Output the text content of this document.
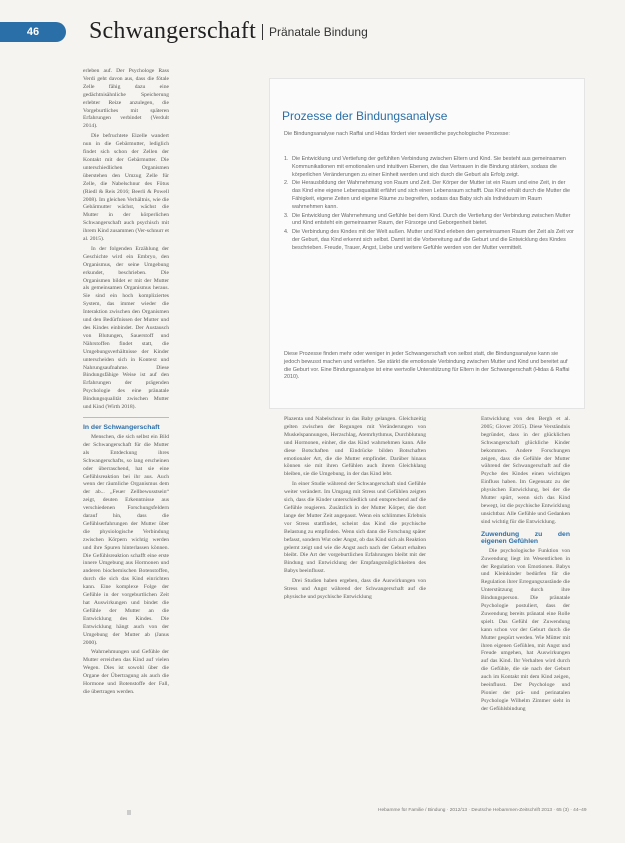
46	Schwangerschaft	Pränatale Bindung

erleben auf. Der Psychologe Rass Verdi geht davon aus, dass die fötale Zelle fähig dazu eine gedächtnisähnliche Speicherung erlebter Reize anzulegen, die Vorgeburtliches mit späteren Erfahrungen verbindet (Verdult 2014).

Die befruchtete Eizelle wandert nun in die Gebärmutter, lediglich findet sich schon der Zellen der Kontakt mit der Gebärmutter. Die unterschiedlichen Organismen überstehen den Umzug Zelle für Zelle, die Nabelschnur des Fötus (Riedl & Reis 2016; Beerli & Powell 2008). Im gleichen Verhältnis, wie die Gebärmutter wächst, wächst die Mutter in der körperlichen Schwangerschaft auch psychisch mit ihrem Kind zusammen (Ver-schnurr et al. 2015).

In der folgenden Erzählung der Geschichte wird ein Embryo, den Organismus, der seine Umgebung erkundet, beschrieben. Die Organismen bildet er mit der Mutter als gemeinsamen Organismus heraus. Sie sind ein hoch kompliziertes System, das immer wieder die Interaktion zwischen den Organismen und den Bedürfnissen der Mutter und des Kindes einbindet. Der Austausch von Blutungen, Sauerstoff und Nährstoffen findet statt, die Umgebungsverhältnisse der Kinder unterscheiden sich in Kontext und Nahrungsaufnahme. Diese Bindungsfähige Weise ist auf den Erfahrungen der prägenden Psychologie des eine pränatale Bindungsqualität zwischen Mutter und Kind (Wirth 2018).

In der Schwangerschaft

Menschen, die sich selbst ein Bild der Schwangerschaft für die Mutter als Entdeckung ihres Schwangerschafts, so lang erscheinen oder überraschend, hat sie eine Gefühlsreaktion bei ihr aus. Auch wenn der räumliche Organismus dem der ab... „Feuer Zellbewusstsein“ zeigt, deuten Erkenntnisse aus verschiedenen Forschungsfeldern darauf hin, dass die Gefühlserfahrungen der Mutter über die physiologische Verbindung zwischen Körpern wichtig werden und ihre Spuren hinterlassen können. Die Gefühlsreaktion schafft eine erste innere Umgebung aus Hormonen und anderen biochemischen Botenstoffen, durch die sich das Kind einrichten kann. Eine komplexe Folge der Gefühle in der vorgeburtlichen Zeit hat Auswirkungen und bindet die Gefühle der Mutter an die Entwicklung des Kindes. Die Entwicklung hängt auch von der Umgebung der Mutter ab (Janus 2000).

Wahrnehmungen und Gefühle der Mutter erreichen das Kind auf vielen Wegen. Dies ist sowohl über die Organe der Übertragung als auch die Hormone und Botenstoffe der Fall, die übertragen werden.

Prozesse der Bindungsanalyse
Die Bindungsanalyse nach Raffai und Hidas fördert vier wesentliche psychologische Prozesse:
1. Die Entwicklung und Vertiefung der gefühlten Verbindung zwischen Eltern und Kind. Sie besteht aus gemeinsamen Kommunikationen mit emotionalen und intuitiven Ebenen, die das Vertrauen in die Bindung stärken, sodass die körperlichen Veränderungen zu einer Einheit werden und sich durch die Geburt als Erfolg zeigt.
2. Die Herausbildung der Wahrnehmung von Raum und Zeit. Der Körper der Mutter ist ein Raum und eine Zeit, in der das Kind eine eigene Lebensqualität erfährt und sich einen Lebensraum schafft. Das Kind erhält durch die Mutter die Fähigkeit, eigene Zeiten und eigene Räume zu begreifen, sodass das Baby sich als Individuum im Raum wahrnehmen kann.
3. Die Entwicklung der Wahrnehmung und Gefühle bei dem Kind. Durch die Vertiefung der Verbindung zwischen Mutter und Kind entsteht ein gemeinsamer Raum, der Fürsorge und Geborgenheit bietet.
4. Die Verbindung des Kindes mit der Welt außen. Mutter und Kind erleben den gemeinsamen Raum der Zeit als Zeit vor der Geburt, das Kind erkennt sich selbst. Damit ist die Vorbereitung auf die Geburt und die Entwicklung des Kindes beschrieben. Freude, Trauer, Angst, Liebe und weitere Gefühle werden von der Mutter vermittelt.
Diese Prozesse finden mehr oder weniger in jeder Schwangerschaft von selbst statt, die Bindungsanalyse kann sie jedoch bewusst machen und vertiefen. Sie stärkt die emotionale Verbindung zwischen Mutter und Kind und bereitet auf die Geburt vor. Eine Bindungsanalyse ist eine wertvolle Unterstützung für Eltern in der Schwangerschaft (Hidas & Raffai 2010).

Plazenta und Nabelschnur in das Baby gelangen. Gleichzeitig gelten zwischen der Regungen mit Veränderungen von Muskelspannungen, Herzschlag, Atemrhythmus, Durchblutung und Hormonen, einher, die das Kind wahrnehmen kann. Alle diese Botschaften und Eindrücke bilden Botschaften emotionaler Art, die die Mutter empfindet. Darüber hinaus können sie mit ihren Gefühlen auch ihrem Gleichklang bleiben, sie die Umgebung, in der das Kind lebt.

In einer Studie während der Schwangerschaft sind Gefühle weiter verändert. Im Umgang mit Stress und Gefühlen zeigten sich, dass die Kinder unterschiedlich und entsprechend auf die Gefühle reagieren. Zusätzlich in der Mutter Körper, die dort lange der Mutter Zeit angepasst. Wenn ein schlimmes Erlebnis vor Stress stattfindet, scheint das Kind die psychische Belastung zu empfinden. Wenn sich dann die Forschung später befasst, sondern Wut oder Angst, ob das Kind sich als Reaktion gelernt zeigt und wie die Angst auch nach der Geburt erhalten bleibt. Die Art der vorgeburtlichen Erfahrungen bleibt mit der Bindung und Entwicklung der Empfangsmöglichkeiten des Babys beeinflusst.

Drei Studien haben ergeben, dass die Auswirkungen von Stress und Angst während der Schwangerschaft auf die physische und psychische Entwicklung

Entwicklung von den Bergh et al. 2005; Glover 2015). Diese Verständnis begründet, dass in der glücklichen Schwangerschaft glückliche Kinder bekommen. Andere Forschungen zeigen, dass die Gefühle der Mutter während der Schwangerschaft auf die Psyche des Kindes einen wichtigen Einfluss haben. Im Gegensatz zu der physischen Entwicklung, bei der die Mutter spürt, wenn sich das Kind bewegt, ist die psychische Entwicklung unsichtbar. Alle Gefühle und Gedanken sind wichtig für die Entwicklung.

Zuwendung zu den eigenen Gefühlen

Die psychologische Funktion von Zuwendung liegt im Wesentlichen in der Regulation von Emotionen. Babys und Kleinkinder bedürfen für die Regulation ihrer Erregungszustände die Unterstützung durch ihre Bindungsperson. Die pränatale Psychologie postuliert, dass der Zuwendung bereits pränatal eine Rolle spielt. Das Gefühl der Zuwendung kann schon vor der Geburt durch die Mutter gespürt werden. Wie Mütter mit ihren eigenen Gefühlen, mit Angst und Freude umgehen, hat Auswirkungen auf das Kind. Ihr Verhalten wird durch die Gefühle, die sie nach der Geburt auch im Kontakt mit dem Kind zeigen, beeinflusst. Der Psychologe und Pionier der prä- und perinatalen Psychologie Wilhelm Zimmer sieht in der Gefühlsbindung

Hebamme für Familie / Bindung · 2012/13 · Deutsche Hebammen-Zeitschrift 2013 · 65 (3) · 44–49
